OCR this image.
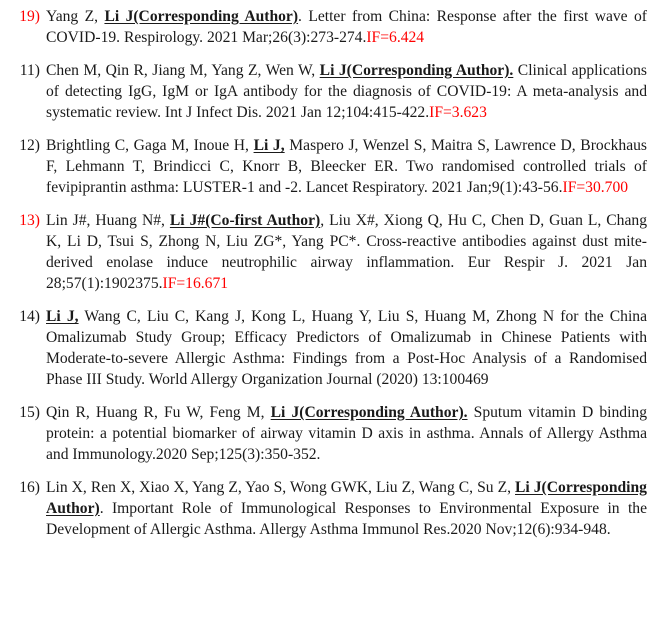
19) Yang Z, Li J(Corresponding Author). Letter from China: Response after the first wave of COVID-19. Respirology. 2021 Mar;26(3):273-274.IF=6.424
11) Chen M, Qin R, Jiang M, Yang Z, Wen W, Li J(Corresponding Author). Clinical applications of detecting IgG, IgM or IgA antibody for the diagnosis of COVID-19: A meta-analysis and systematic review. Int J Infect Dis. 2021 Jan 12;104:415-422.IF=3.623
12) Brightling C, Gaga M, Inoue H, Li J, Maspero J, Wenzel S, Maitra S, Lawrence D, Brockhaus F, Lehmann T, Brindicci C, Knorr B, Bleecker ER. Two randomised controlled trials of fevipiprantin asthma: LUSTER-1 and -2. Lancet Respiratory. 2021 Jan;9(1):43-56.IF=30.700
13) Lin J#, Huang N#, Li J#(Co-first Author), Liu X#, Xiong Q, Hu C, Chen D, Guan L, Chang K, Li D, Tsui S, Zhong N, Liu ZG*, Yang PC*. Cross-reactive antibodies against dust mite-derived enolase induce neutrophilic airway inflammation. Eur Respir J. 2021 Jan 28;57(1):1902375.IF=16.671
14) Li J, Wang C, Liu C, Kang J, Kong L, Huang Y, Liu S, Huang M, Zhong N for the China Omalizumab Study Group; Efficacy Predictors of Omalizumab in Chinese Patients with Moderate-to-severe Allergic Asthma: Findings from a Post-Hoc Analysis of a Randomised Phase III Study. World Allergy Organization Journal (2020) 13:100469
15) Qin R, Huang R, Fu W, Feng M, Li J(Corresponding Author). Sputum vitamin D binding protein: a potential biomarker of airway vitamin D axis in asthma. Annals of Allergy Asthma and Immunology.2020 Sep;125(3):350-352.
16) Lin X, Ren X, Xiao X, Yang Z, Yao S, Wong GWK, Liu Z, Wang C, Su Z, Li J(Corresponding Author). Important Role of Immunological Responses to Environmental Exposure in the Development of Allergic Asthma. Allergy Asthma Immunol Res.2020 Nov;12(6):934-948.
